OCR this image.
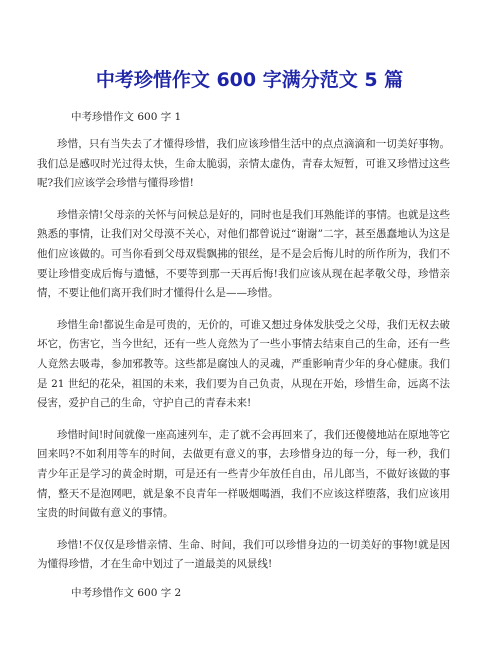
中考珍惜作文 600 字满分范文 5 篇
中考珍惜作文 600 字 1

珍惜，只有当失去了才懂得珍惜，我们应该珍惜生活中的点点滴滴和一切美好事物。我们总是感叹时光过得太快，生命太脆弱，亲情太虚伪，青春太短暂，可谁又珍惜过这些呢?我们应该学会珍惜与懂得珍惜!

珍惜亲情!父母亲的关怀与问候总是好的，同时也是我们耳熟能详的事情。也就是这些熟悉的事情，让我们对父母漠不关心，对他们都曾说过“谢谢”二字，甚至愚蠢地认为这是他们应该做的。可当你看到父母双鬓飘拂的银丝，是不是会后悔儿时的所作所为，我们不要让珍惜变成后悔与遗憾，不要等到那一天再后悔!我们应该从现在起孝敬父母，珍惜亲情，不要让他们离开我们时才懂得什么是——珍惜。

珍惜生命!都说生命是可贵的，无价的，可谁又想过身体发肤受之父母，我们无权去破坏它，伤害它，当今世纪，还有一些人竟然为了一些小事情去结束自己的生命，还有一些人竟然去吸毒，参加邪教等。这些都是腐蚀人的灵魂，严重影响青少年的身心健康。我们是 21 世纪的花朵，祖国的未来，我们要为自己负责，从现在开始，珍惜生命，远离不法侵害，爱护自己的生命，守护自己的青春未来!

珍惜时间!时间就像一座高速列车，走了就不会再回来了，我们还傻傻地站在原地等它回来吗?不如利用等车的时间，去做更有意义的事，去珍惜身边的每一分，每一秒，我们青少年正是学习的黄金时期，可是还有一些青少年放任自由，吊儿郎当，不做好该做的事情，整天不是泡网吧，就是象不良青年一样吸烟喝酒，我们不应该这样堕落，我们应该用宝贵的时间做有意义的事情。

珍惜!不仅仅是珍惜亲情、生命、时间，我们可以珍惜身边的一切美好的事物!就是因为懂得珍惜，才在生命中划过了一道最美的风景线!

中考珍惜作文 600 字 2
